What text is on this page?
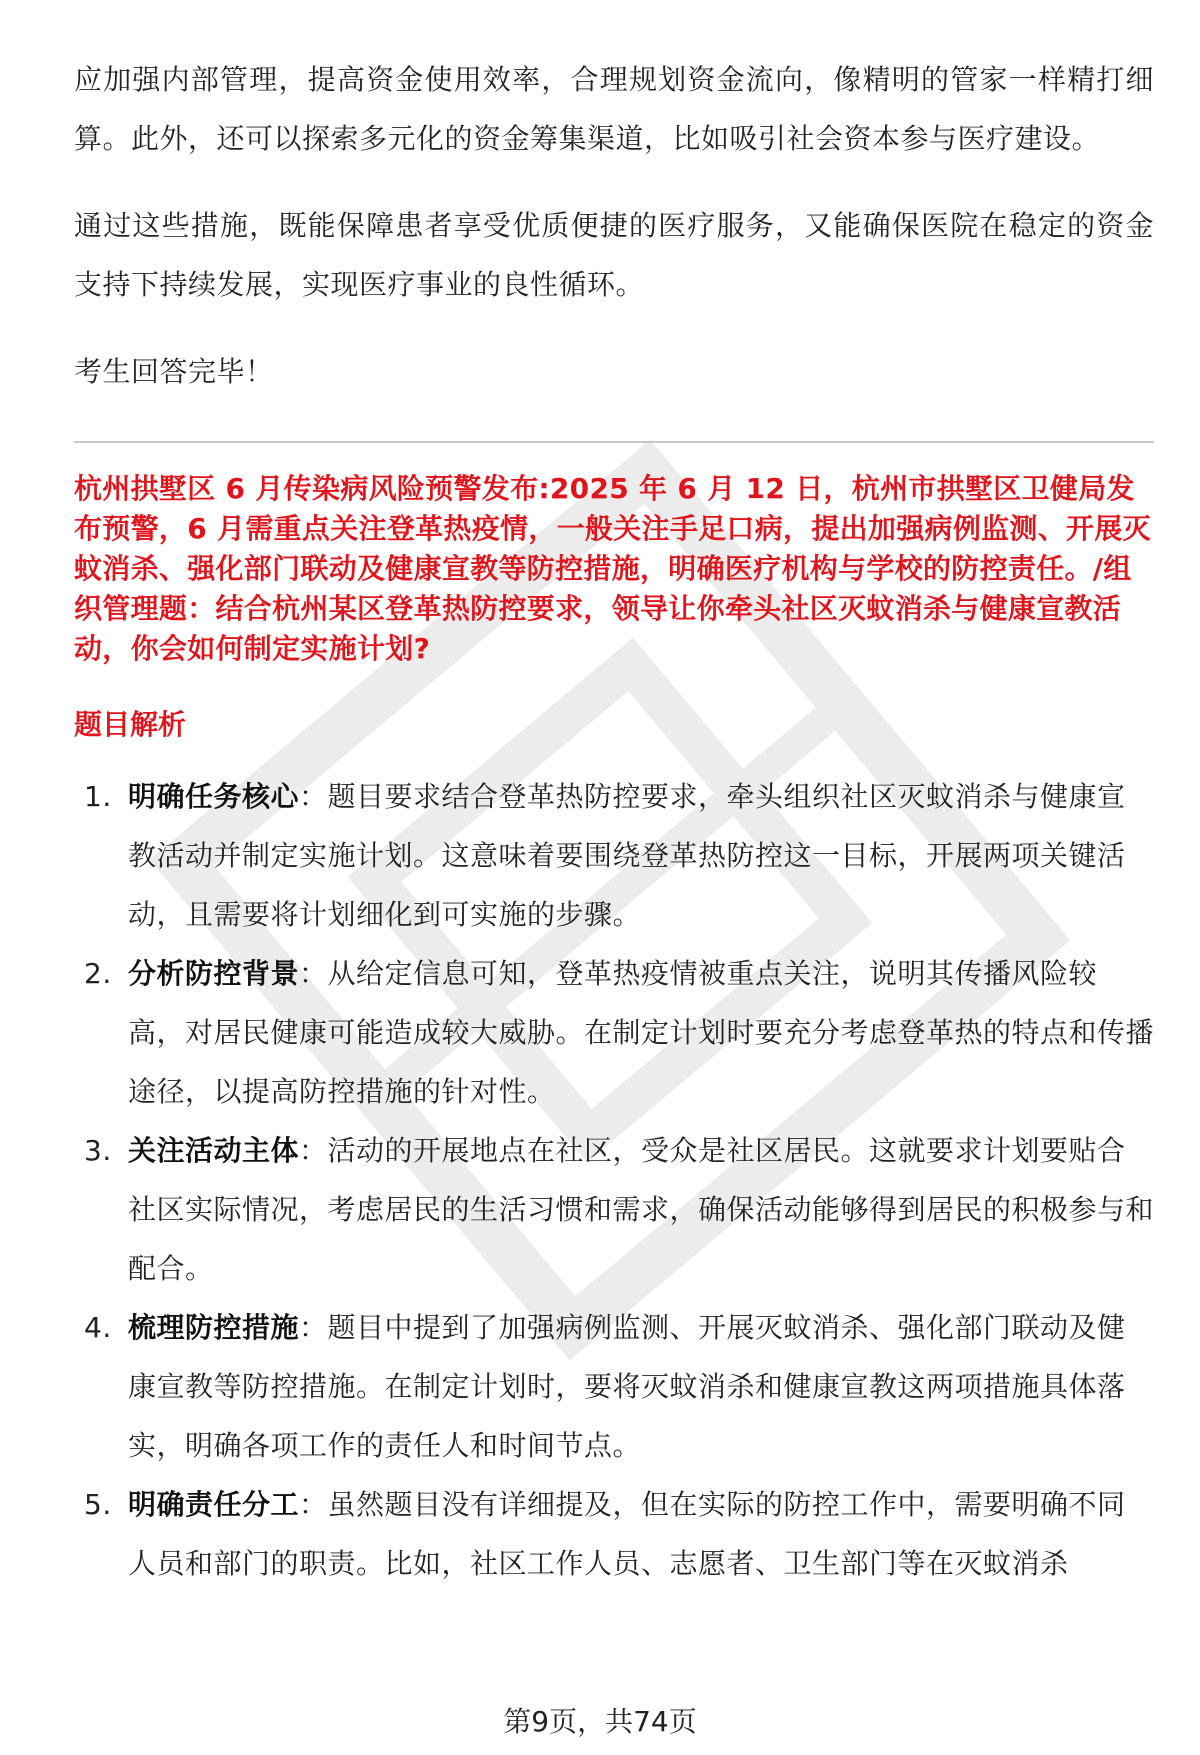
应加强内部管理，提高资金使用效率，合理规划资金流向，像精明的管家一样精打细算。此外，还可以探索多元化的资金筹集渠道，比如吸引社会资本参与医疗建设。

通过这些措施，既能保障患者享受优质便捷的医疗服务，又能确保医院在稳定的资金支持下持续发展，实现医疗事业的良性循环。

考生回答完毕！

杭州拱墅区 6 月传染病风险预警发布:2025 年 6 月 12 日，杭州市拱墅区卫健局发布预警，6 月需重点关注登革热疫情，一般关注手足口病，提出加强病例监测、开展灭蚊消杀、强化部门联动及健康宣教等防控措施，明确医疗机构与学校的防控责任。/组织管理题：结合杭州某区登革热防控要求，领导让你牵头社区灭蚊消杀与健康宣教活动，你会如何制定实施计划?

题目解析
1. 明确任务核心：题目要求结合登革热防控要求，牵头组织社区灭蚊消杀与健康宣教活动并制定实施计划。这意味着要围绕登革热防控这一目标，开展两项关键活动，且需要将计划细化到可实施的步骤。
2. 分析防控背景：从给定信息可知，登革热疫情被重点关注，说明其传播风险较高，对居民健康可能造成较大威胁。在制定计划时要充分考虑登革热的特点和传播途径，以提高防控措施的针对性。
3. 关注活动主体：活动的开展地点在社区，受众是社区居民。这就要求计划要贴合社区实际情况，考虑居民的生活习惯和需求，确保活动能够得到居民的积极参与和配合。
4. 梳理防控措施：题目中提到了加强病例监测、开展灭蚊消杀、强化部门联动及健康宣教等防控措施。在制定计划时，要将灭蚊消杀和健康宣教这两项措施具体落实，明确各项工作的责任人和时间节点。
5. 明确责任分工：虽然题目没有详细提及，但在实际的防控工作中，需要明确不同人员和部门的职责。比如，社区工作人员、志愿者、卫生部门等在灭蚊消杀
第9页，共74页
